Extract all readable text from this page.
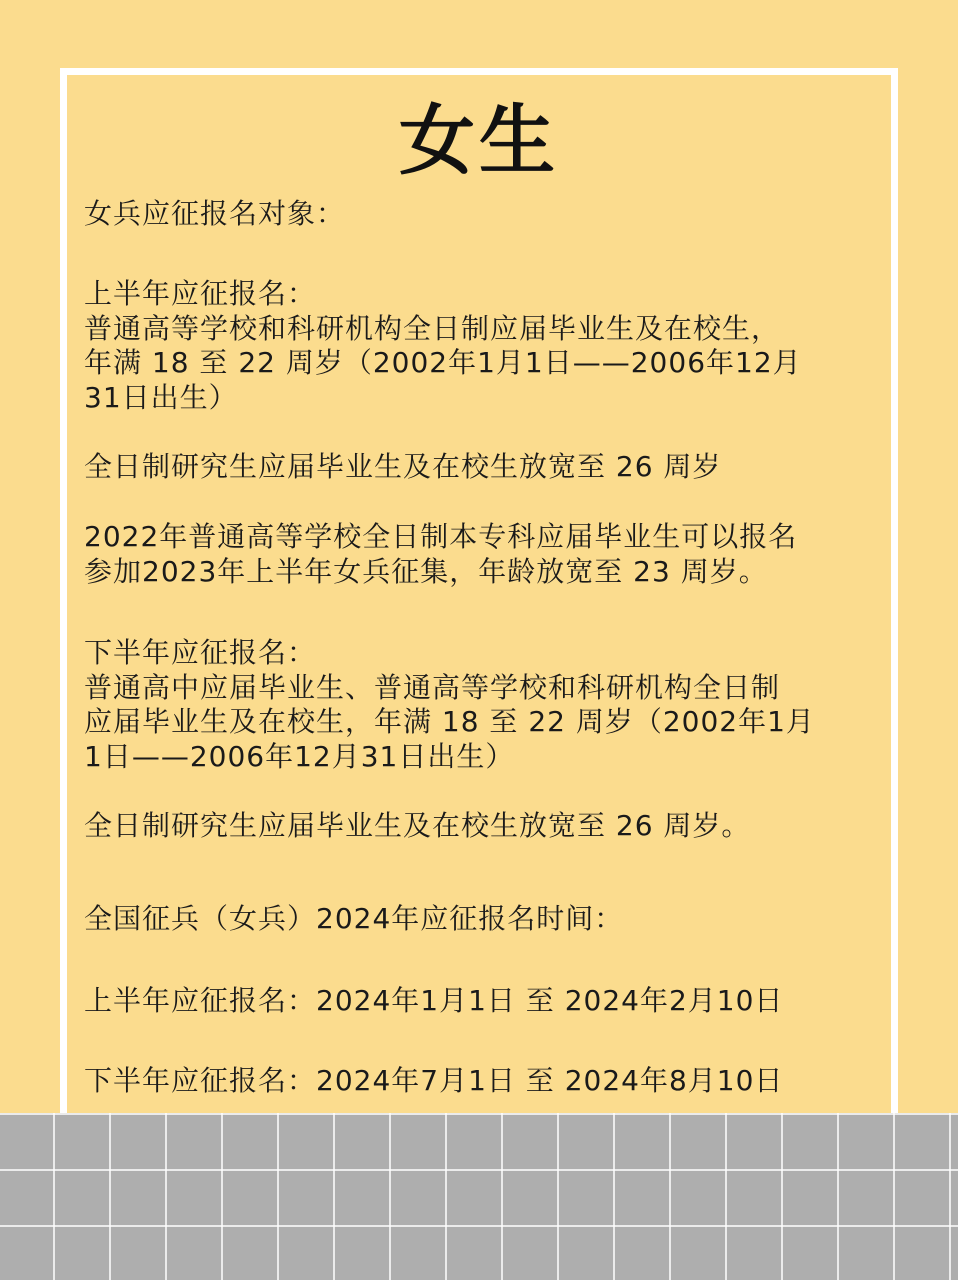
女生
女兵应征报名对象：
上半年应征报名：
普通高等学校和科研机构全日制应届毕业生及在校生，
年满 18 至 22 周岁（2002年1月1日——2006年12月
31日出生）
全日制研究生应届毕业生及在校生放宽至 26 周岁
2022年普通高等学校全日制本专科应届毕业生可以报名
参加2023年上半年女兵征集，年龄放宽至 23 周岁。
下半年应征报名：
普通高中应届毕业生、普通高等学校和科研机构全日制
应届毕业生及在校生，年满 18 至 22 周岁（2002年1月
1日——2006年12月31日出生）
全日制研究生应届毕业生及在校生放宽至 26 周岁。
全国征兵（女兵）2024年应征报名时间：
上半年应征报名：2024年1月1日 至 2024年2月10日
下半年应征报名：2024年7月1日 至 2024年8月10日
